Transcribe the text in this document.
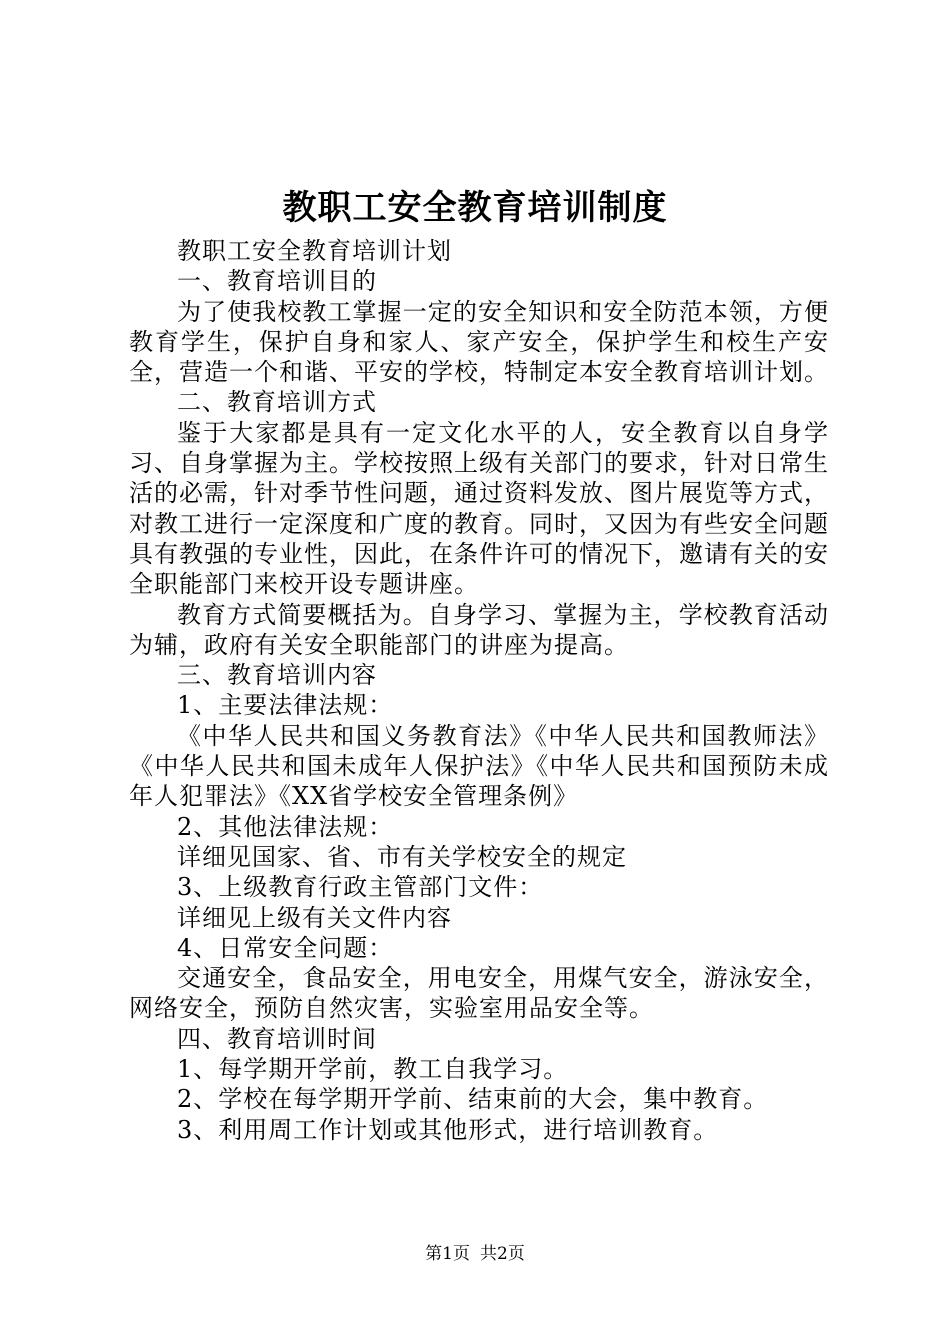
教职工安全教育培训制度

教职工安全教育培训计划

一、教育培训目的

为了使我校教工掌握一定的安全知识和安全防范本领，方便教育学生，保护自身和家人、家产安全，保护学生和校生产安全，营造一个和谐、平安的学校，特制定本安全教育培训计划。

二、教育培训方式

鉴于大家都是具有一定文化水平的人，安全教育以自身学习、自身掌握为主。学校按照上级有关部门的要求，针对日常生活的必需，针对季节性问题，通过资料发放、图片展览等方式，对教工进行一定深度和广度的教育。同时，又因为有些安全问题具有教强的专业性，因此，在条件许可的情况下，邀请有关的安全职能部门来校开设专题讲座。

教育方式简要概括为。自身学习、掌握为主，学校教育活动为辅，政府有关安全职能部门的讲座为提高。

三、教育培训内容

1、主要法律法规：

《中华人民共和国义务教育法》《中华人民共和国教师法》《中华人民共和国未成年人保护法》《中华人民共和国预防未成年人犯罪法》《XX省学校安全管理条例》

2、其他法律法规：

详细见国家、省、市有关学校安全的规定

3、上级教育行政主管部门文件：

详细见上级有关文件内容

4、日常安全问题：

交通安全，食品安全，用电安全，用煤气安全，游泳安全，网络安全，预防自然灾害，实验室用品安全等。

四、教育培训时间

1、每学期开学前，教工自我学习。

2、学校在每学期开学前、结束前的大会，集中教育。

3、利用周工作计划或其他形式，进行培训教育。

第1页 共2页
